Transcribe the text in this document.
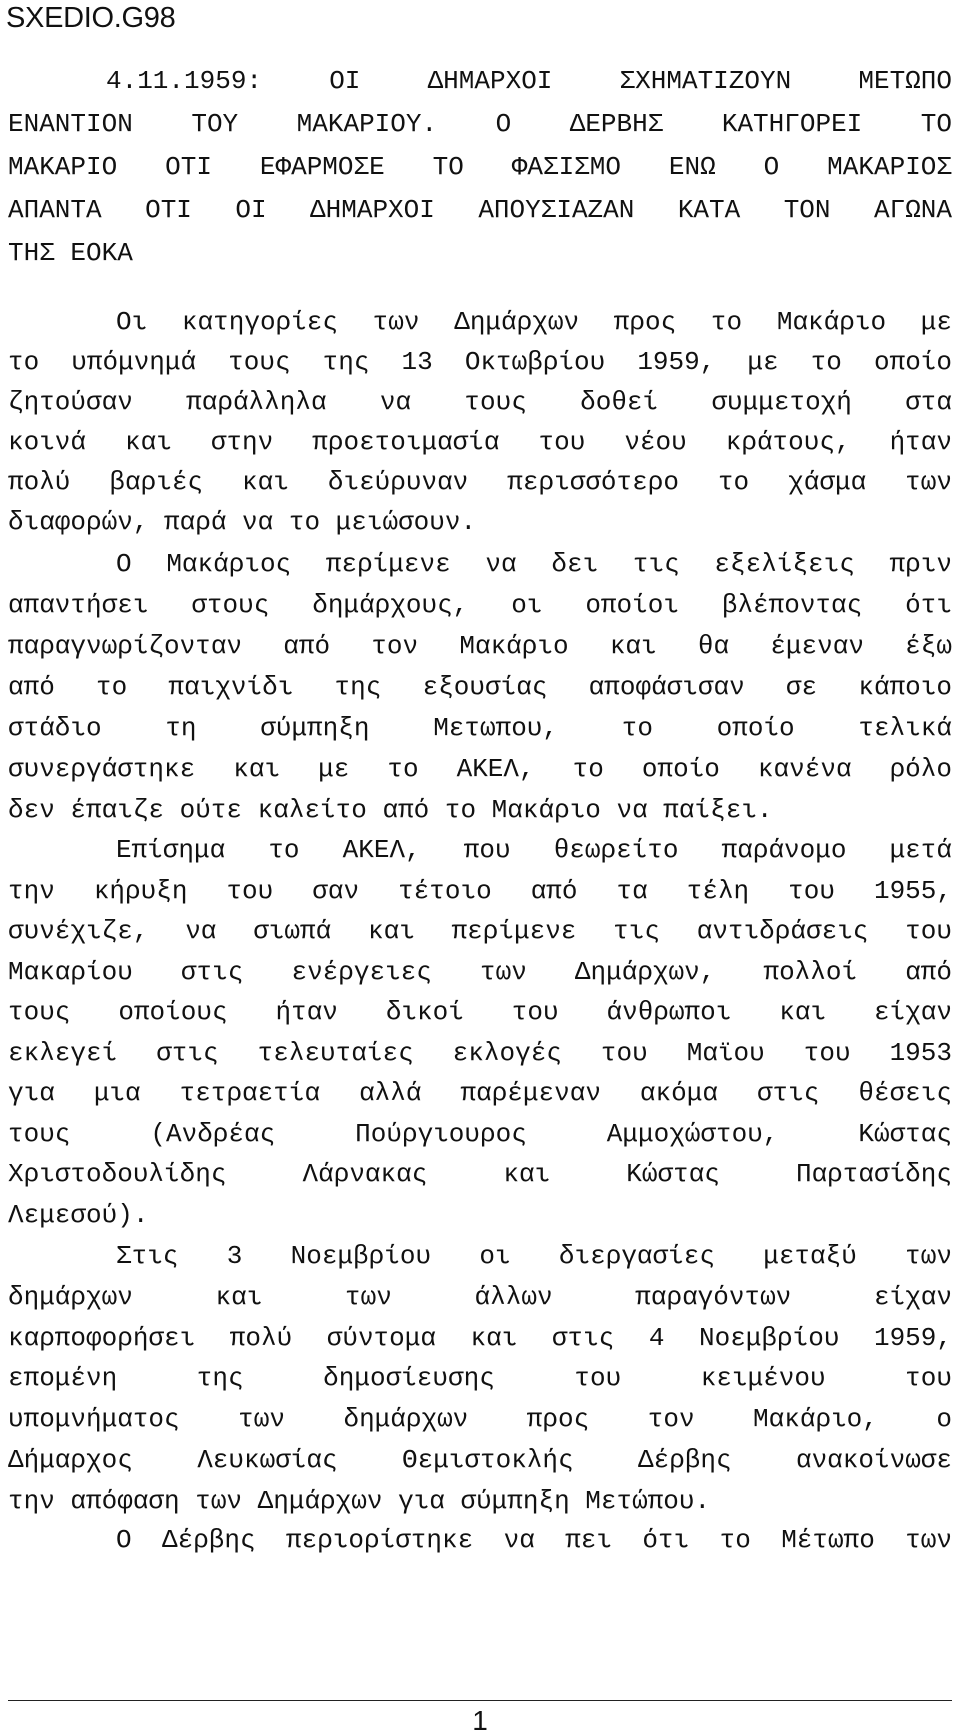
SXEDIO.G98
4.11.1959: ΟΙ ΔΗΜΑΡΧΟΙ ΣΧΗΜΑΤΙΖΟΥΝ ΜΕΤΩΠΟ
ΕΝΑΝΤΙΟΝ ΤΟΥ ΜΑΚΑΡΙΟΥ. Ο ΔΕΡΒΗΣ ΚΑΤΗΓΟΡΕΙ ΤΟ
ΜΑΚΑΡΙΟ ΟΤΙ ΕΦΑΡΜΟΣΕ ΤΟ ΦΑΣΙΣΜΟ ΕΝΩ Ο ΜΑΚΑΡΙΟΣ
ΑΠΑΝΤΑ ΟΤΙ ΟΙ ΔΗΜΑΡΧΟΙ ΑΠΟΥΣΙΑΖΑΝ ΚΑΤΑ ΤΟΝ ΑΓΩΝΑ
ΤΗΣ ΕΟΚΑ
Οι κατηγορίες των Δημάρχων προς το Μακάριο με
το υπόμνημά τους της 13 Οκτωβρίου 1959, με το οποίο
ζητούσαν παράλληλα να τους δοθεί συμμετοχή στα
κοινά και στην προετοιμασία του νέου κράτους, ήταν
πολύ βαριές και διεύρυναν περισσότερο το χάσμα των
διαφορών, παρά να το μειώσουν.
Ο Μακάριος περίμενε να δει τις εξελίξεις πριν
απαντήσει στους δημάρχους, οι οποίοι βλέποντας ότι
παραγνωρίζονταν από τον Μακάριο και θα έμεναν έξω
από το παιχνίδι της εξουσίας αποφάσισαν σε κάποιο
στάδιο τη σύμπηξη Μετωπου, το οποίο τελικά
συνεργάστηκε και με το ΑΚΕΛ, το οποίο κανένα ρόλο
δεν έπαιζε ούτε καλείτο από το Μακάριο να παίξει.
Επίσημα το ΑΚΕΛ, που θεωρείτο παράνομο μετά
την κήρυξη του σαν τέτοιο από τα τέλη του 1955,
συνέχιζε, να σιωπά και περίμενε τις αντιδράσεις του
Μακαρίου στις ενέργειες των Δημάρχων, πολλοί από
τους οποίους ήταν δικοί του άνθρωποι και είχαν
εκλεγεί στις τελευταίες εκλογές του Μαϊου του 1953
για μια τετραετία αλλά παρέμεναν ακόμα στις θέσεις
τους (Ανδρέας Πούργιουρος Αμμοχώστου, Κώστας
Χριστοδουλίδης Λάρνακας και Κώστας Παρτασίδης
Λεμεσού).
Στις 3 Νοεμβρίου οι διεργασίες μεταξύ των
δημάρχων και των άλλων παραγόντων είχαν
καρποφορήσει πολύ σύντομα και στις 4 Νοεμβρίου 1959,
επομένη της δημοσίευσης του κειμένου του
υπομνήματος των δημάρχων προς τον Μακάριο, ο
Δήμαρχος Λευκωσίας Θεμιστοκλής Δέρβης ανακοίνωσε
την απόφαση των Δημάρχων για σύμπηξη Μετώπου.
Ο Δέρβης περιορίστηκε να πει ότι το Μέτωπο των
1
